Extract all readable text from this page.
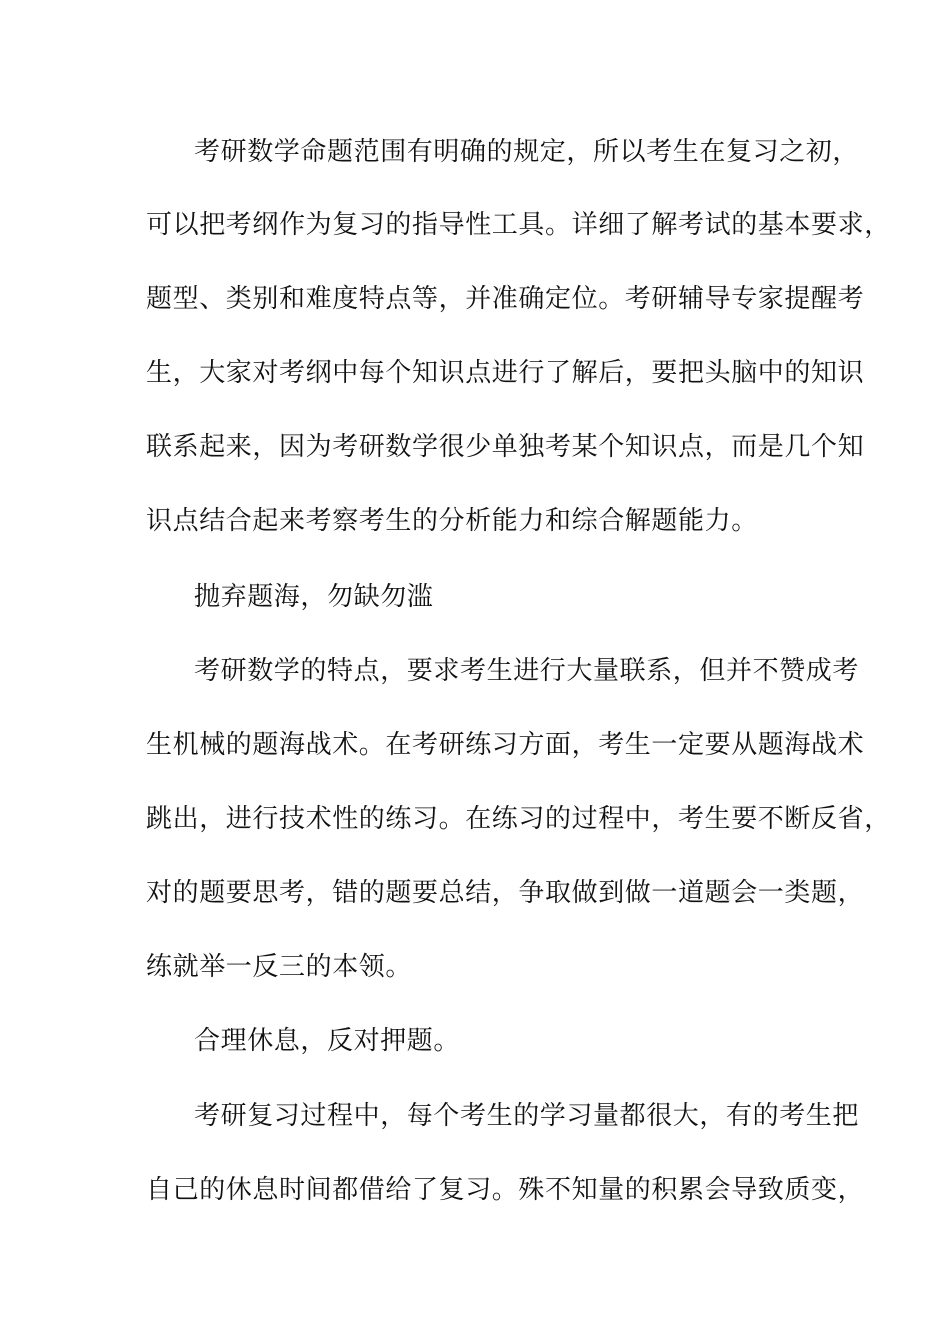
考研数学命题范围有明确的规定，所以考生在复习之初，
可以把考纲作为复习的指导性工具。详细了解考试的基本要求，
题型、类别和难度特点等，并准确定位。考研辅导专家提醒考
生，大家对考纲中每个知识点进行了解后，要把头脑中的知识
联系起来，因为考研数学很少单独考某个知识点，而是几个知
识点结合起来考察考生的分析能力和综合解题能力。
抛弃题海，勿缺勿滥
考研数学的特点，要求考生进行大量联系，但并不赞成考
生机械的题海战术。在考研练习方面，考生一定要从题海战术
跳出，进行技术性的练习。在练习的过程中，考生要不断反省，
对的题要思考，错的题要总结，争取做到做一道题会一类题，
练就举一反三的本领。
合理休息，反对押题。
考研复习过程中，每个考生的学习量都很大，有的考生把
自己的休息时间都借给了复习。殊不知量的积累会导致质变，
